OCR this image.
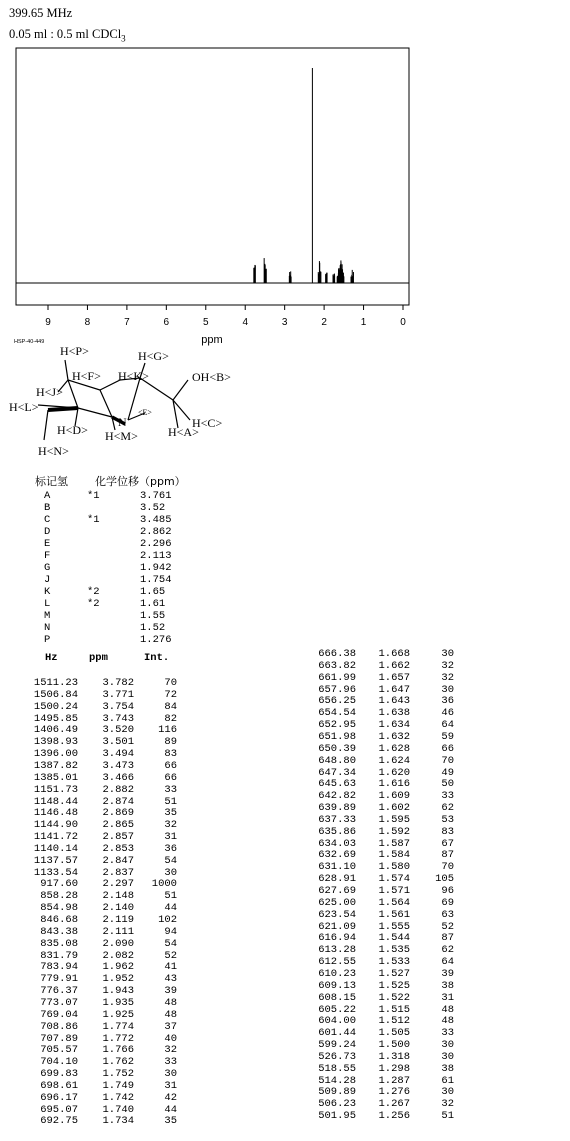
399.65 MHz
0.05 ml : 0.5 ml CDCl$_3$
9	8	7	6	5	4	3	2	1	0
ppm
HSP-40-449
H<P>	H<G>
H<F> H<K>	OH<B>
H<J>
H<L>
N
<E>
H<C>
H<D> H<M>	H<A>
H<N>
标记氢 化学位移（ppm）
A	*1	3.761
B	3.52
C	*1	3.485
D	2.862
E	2.296
F	2.113
G	1.942
J	1.754
K	*2	1.65
L	*2	1.61
M	1.55
N	1.52
P	1.276
Hz	ppm	Int.
1511.23 3.782	70
1506.84 3.771	72
1500.24 3.754	84
1495.85 3.743	82
1406.49 3.520 116
1398.93 3.501	89
1396.00 3.494	83
1387.82 3.473	66
1385.01 3.466	66
1151.73 2.882	33
1148.44 2.874	51
1146.48 2.869	35
1144.90 2.865	32
1141.72 2.857	31
1140.14 2.853	36
1137.57 2.847	54
1133.54 2.837	30
917.60 2.297 1000
858.28 2.148	51
854.98 2.140	44
846.68 2.119 102
843.38 2.111	94
835.08 2.090	54
831.79 2.082	52
783.94 1.962	41
779.91 1.952	43
776.37 1.943	39
773.07 1.935	48
769.04 1.925	48
708.86 1.774	37
707.89 1.772	40
705.57 1.766	32
704.10 1.762	33
699.83 1.752	30
698.61 1.749	31
696.17 1.742	42
695.07 1.740	44
692.75 1.734	35
666.38 1.668	30
663.82 1.662	32
661.99 1.657	32
657.96 1.647	30
656.25 1.643	36
654.54 1.638	46
652.95 1.634	64
651.98 1.632	59
650.39 1.628	66
648.80 1.624	70
647.34 1.620	49
645.63 1.616	50
642.82 1.609	33
639.89 1.602	62
637.33 1.595	53
635.86 1.592	83
634.03 1.587	67
632.69 1.584	87
631.10 1.580	70
628.91 1.574 105
627.69 1.571	96
625.00 1.564	69
623.54 1.561	63
621.09 1.555	52
616.94 1.544	87
613.28 1.535	62
612.55 1.533	64
610.23 1.527	39
609.13 1.525	38
608.15 1.522	31
605.22 1.515	48
604.00 1.512	48
601.44 1.505	33
599.24 1.500	30
526.73 1.318	30
518.55 1.298	38
514.28 1.287	61
509.89 1.276	30
506.23 1.267	32
501.95 1.256	51
